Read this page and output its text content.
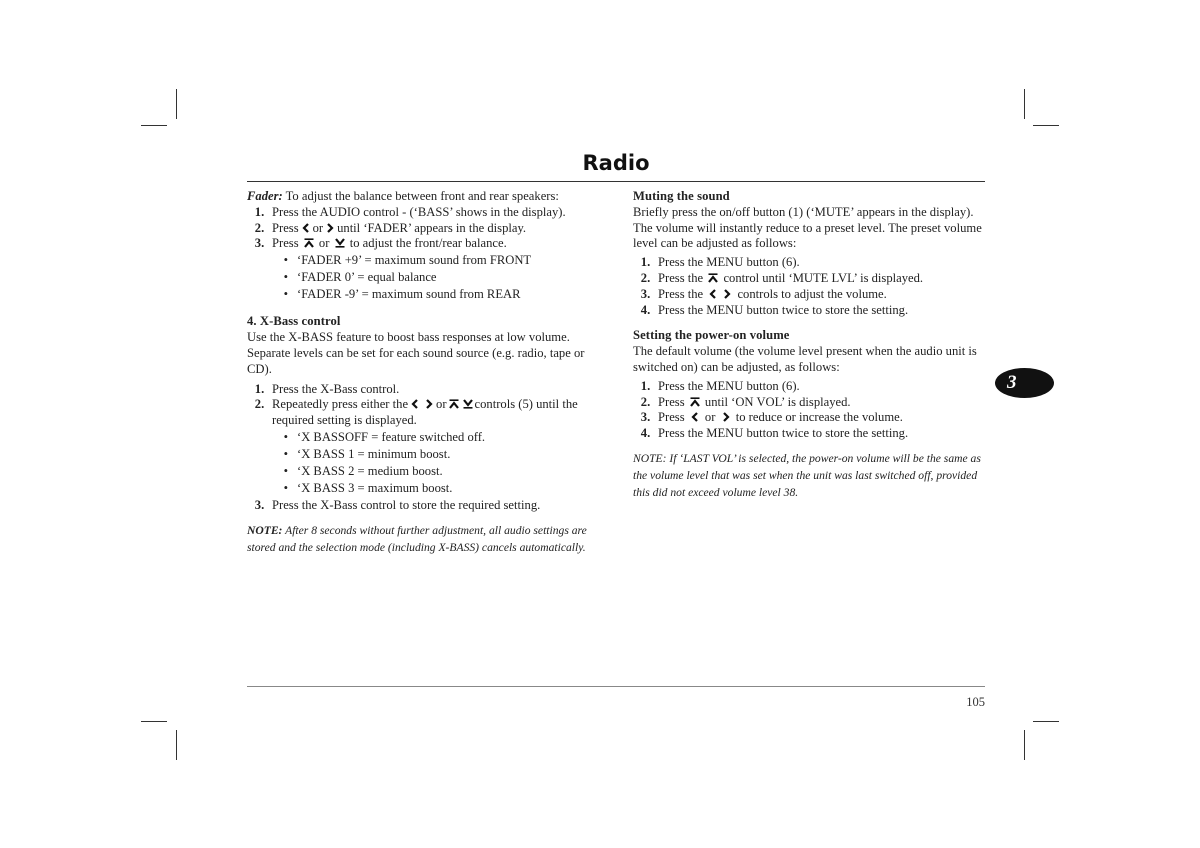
Radio
3

Fader: To adjust the balance between front and rear speakers:

1. Press the AUDIO control - (‘BASS’ shows in the display).
2. Press or until ‘FADER’ appears in the display.
3. Press or to adjust the front/rear balance.
• ‘FADER +9’ = maximum sound from FRONT
• ‘FADER 0’ = equal balance
• ‘FADER -9’ = maximum sound from REAR

4. X-Bass control

Use the X-BASS feature to boost bass responses at low volume. Separate levels can be set for each sound source (e.g. radio, tape or CD).

1. Press the X-Bass control.
2. Repeatedly press either the or controls (5) until the required setting is displayed.
• ‘X BASSOFF = feature switched off.
• ‘X BASS 1 = minimum boost.
• ‘X BASS 2 = medium boost.
• ‘X BASS 3 = maximum boost.
3. Press the X-Bass control to store the required setting.

NOTE: After 8 seconds without further adjustment, all audio settings are stored and the selection mode (including X-BASS) cancels automatically.

Muting the sound

Briefly press the on/off button (1) (‘MUTE’ appears in the display). The volume will instantly reduce to a preset level. The preset volume level can be adjusted as follows:

1. Press the MENU button (6).
2. Press the control until ‘MUTE LVL’ is displayed.
3. Press the	controls to adjust the volume.
4. Press the MENU button twice to store the setting.

Setting the power-on volume

The default volume (the volume level present when the audio unit is switched on) can be adjusted, as follows:

1. Press the MENU button (6).
2. Press until ‘ON VOL’ is displayed.
3. Press or to reduce or increase the volume.
4. Press the MENU button twice to store the setting.

NOTE: If ‘LAST VOL’ is selected, the power-on volume will be the same as the volume level that was set when the unit was last switched off, provided this did not exceed volume level 38.

105
